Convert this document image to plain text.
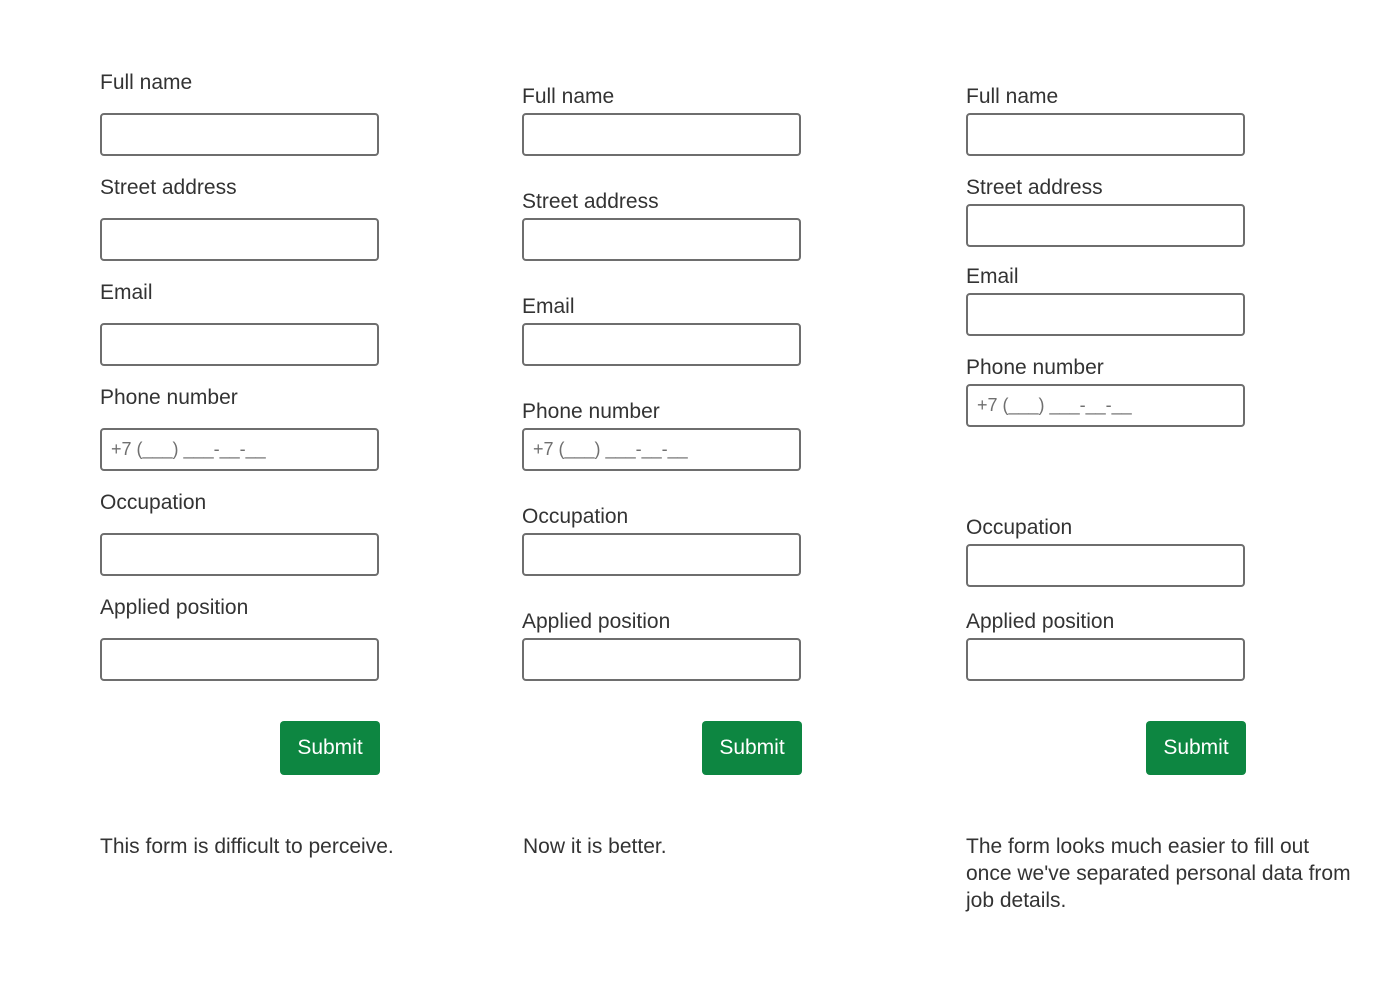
Full name
Street address
Email
Phone number
+7 (___) ___-__-__
Occupation
Applied position
Submit

This form is difficult to perceive.

Full name
Street address
Email
Phone number
+7 (___) ___-__-__
Occupation
Applied position
Submit

Now it is better.

Full name
Street address
Email
Phone number
+7 (___) ___-__-__
Occupation
Applied position
Submit

The form looks much easier to fill out once we've separated personal data from job details.
